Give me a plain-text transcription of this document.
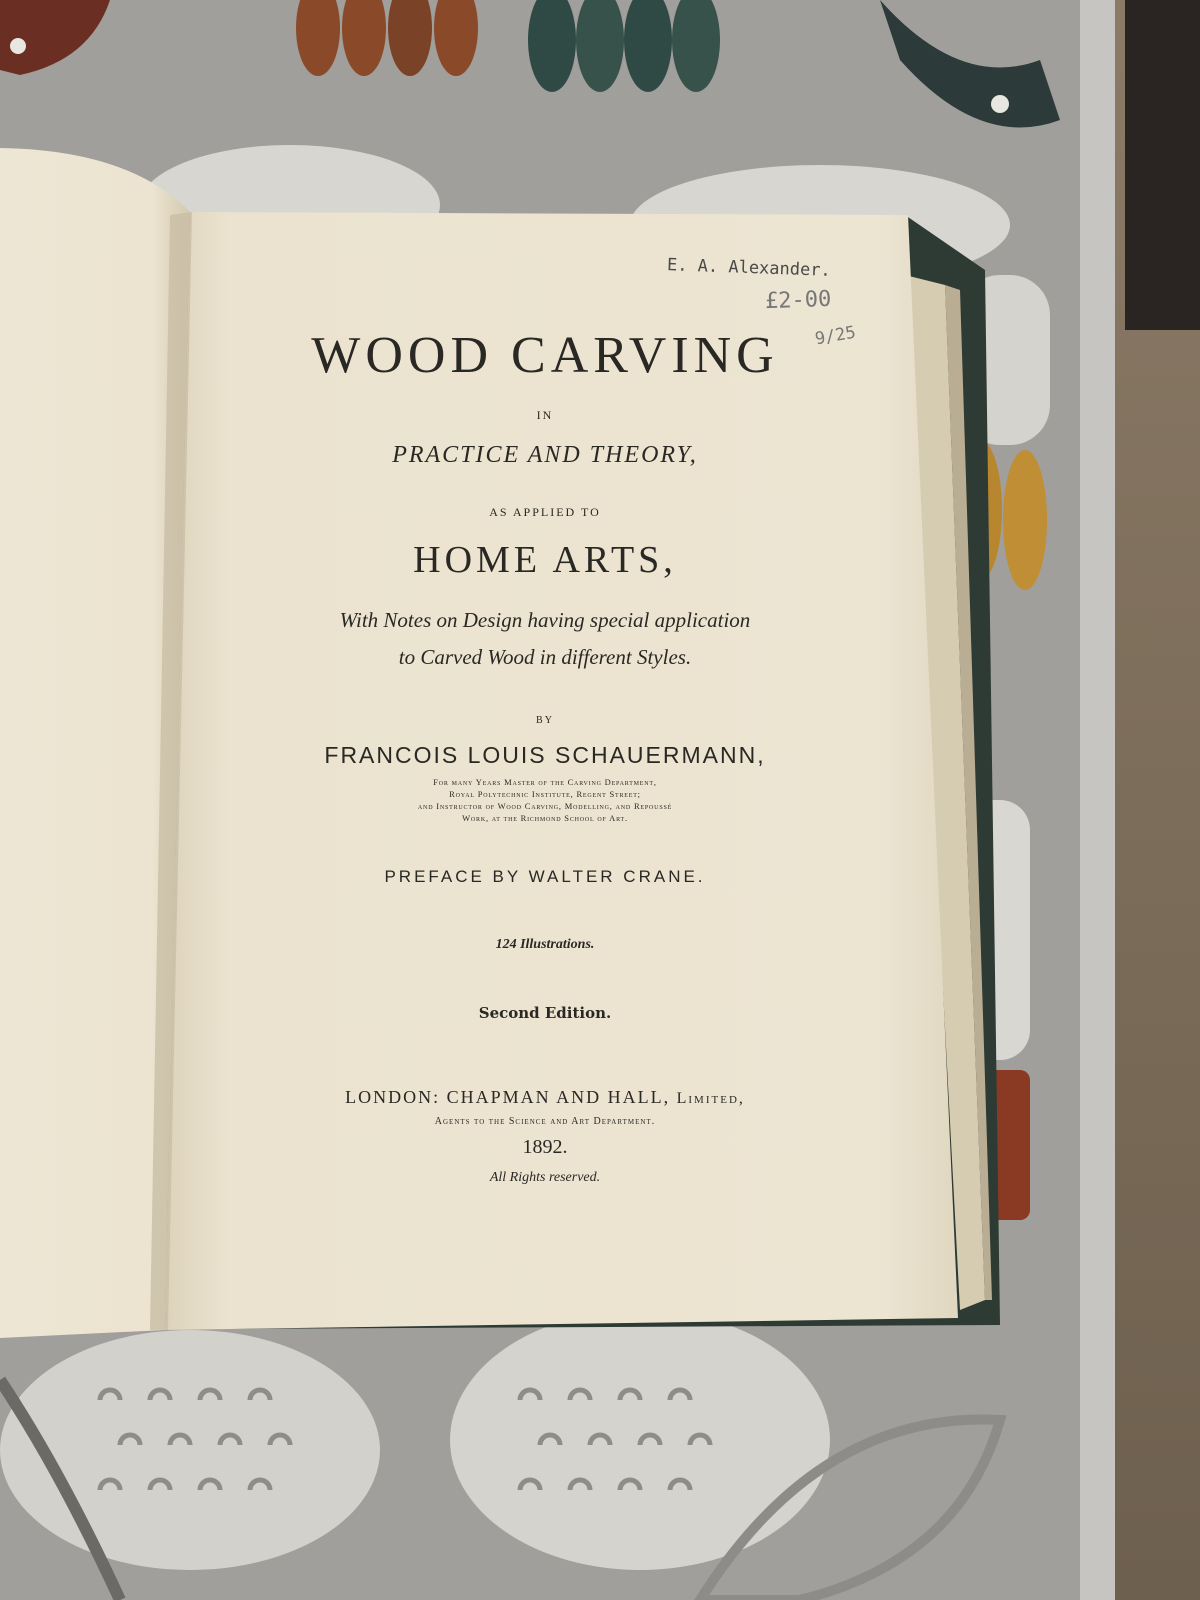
WOOD CARVING
IN
PRACTICE AND THEORY,
AS APPLIED TO
HOME ARTS,
With Notes on Design having special application
to Carved Wood in different Styles.
BY
FRANCOIS LOUIS SCHAUERMANN,
For many Years Master of the Carving Department,
Royal Polytechnic Institute, Regent Street;
and Instructor of Wood Carving, Modelling, and Repoussé
Work, at the Richmond School of Art.
PREFACE BY WALTER CRANE.
124 Illustrations.
Second Edition.
LONDON: CHAPMAN AND HALL, Limited,
Agents to the Science and Art Department.
1892.
All Rights reserved.
E. A. Alexander.
£2-00
9/25
